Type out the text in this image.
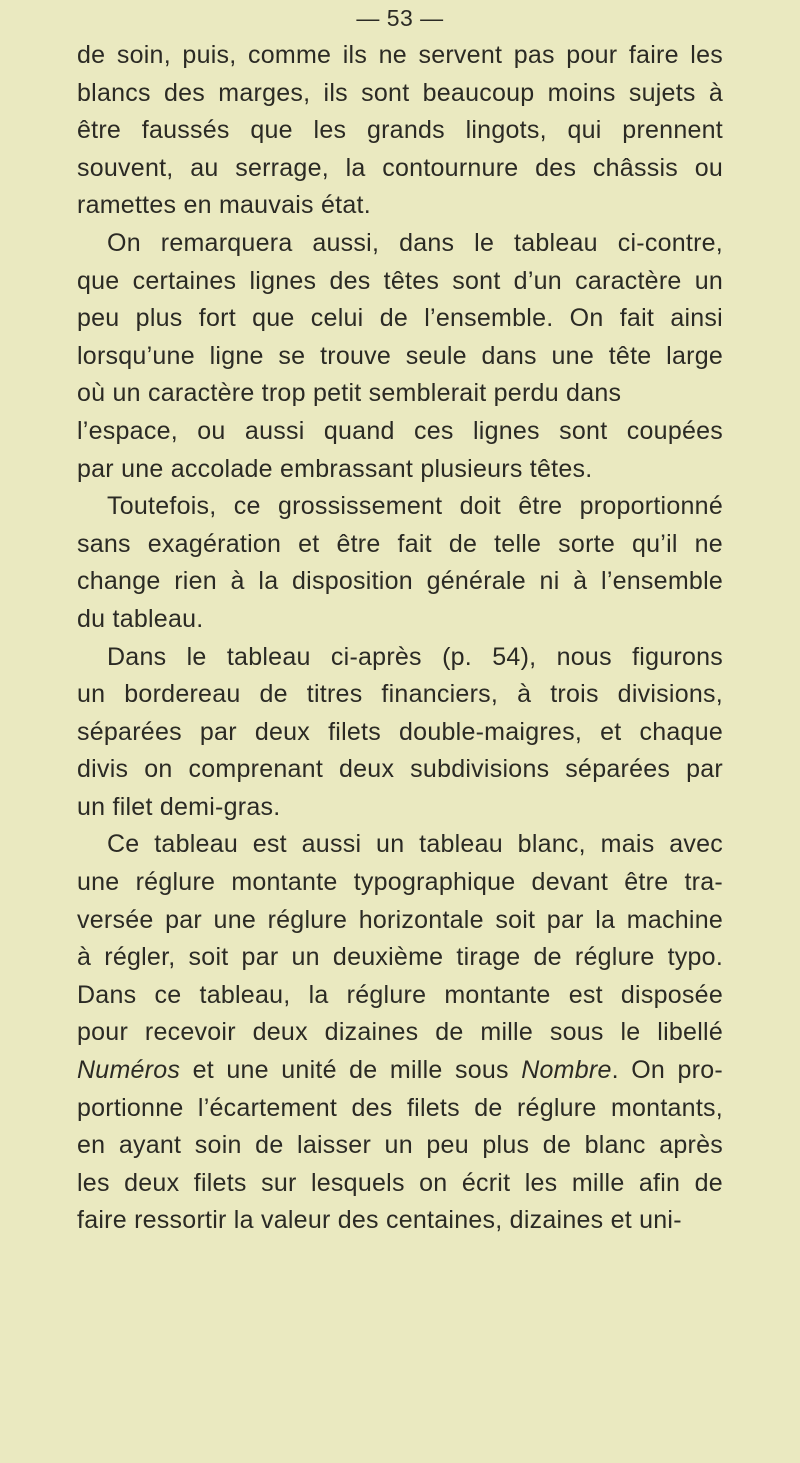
— 53 —
de soin, puis, comme ils ne servent pas pour faire les
blancs des marges, ils sont beaucoup moins sujets à
être faussés que les grands lingots, qui prennent
souvent, au serrage, la contournure des châssis ou
ramettes en mauvais état.
On remarquera aussi, dans le tableau ci-contre,
que certaines lignes des têtes sont d’un caractère un
peu plus fort que celui de l’ensemble. On fait ainsi
lorsqu’une ligne se trouve seule dans une tête large
où un caractère trop petit semblerait perdu dans
l’espace, ou aussi quand ces lignes sont coupées
par une accolade embrassant plusieurs têtes.
Toutefois, ce grossissement doit être proportionné
sans exagération et être fait de telle sorte qu’il ne
change rien à la disposition générale ni à l’ensemble
du tableau.
Dans le tableau ci-après (p. 54), nous figurons
un bordereau de titres financiers, à trois divisions,
séparées par deux filets double-maigres, et chaque
divis on comprenant deux subdivisions séparées par
un filet demi-gras.
Ce tableau est aussi un tableau blanc, mais avec
une réglure montante typographique devant être tra-
versée par une réglure horizontale soit par la machine
à régler, soit par un deuxième tirage de réglure typo.
Dans ce tableau, la réglure montante est disposée
pour recevoir deux dizaines de mille sous le libellé
Numéros et une unité de mille sous Nombre. On pro-
portionne l’écartement des filets de réglure montants,
en ayant soin de laisser un peu plus de blanc après
les deux filets sur lesquels on écrit les mille afin de
faire ressortir la valeur des centaines, dizaines et uni-
